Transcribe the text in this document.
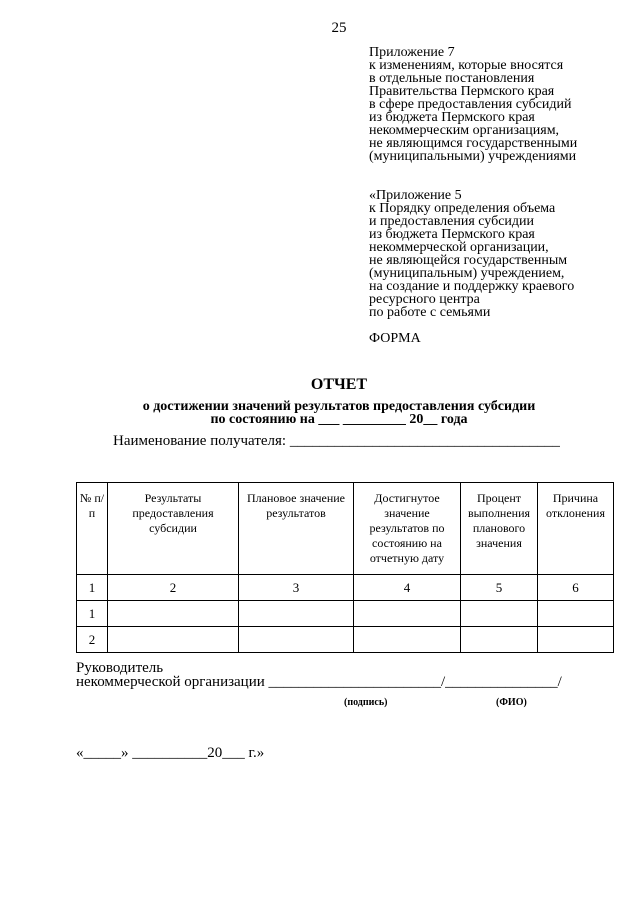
25
Приложение 7
к изменениям, которые вносятся
в отдельные постановления
Правительства Пермского края
в сфере предоставления субсидий
из бюджета Пермского края
некоммерческим организациям,
не являющимся государственными
(муниципальными) учреждениями
«Приложение 5
к Порядку определения объема
и предоставления субсидии
из бюджета Пермского края
некоммерческой организации,
не являющейся государственным
(муниципальным) учреждением,
на создание и поддержку краевого
ресурсного центра
по работе с семьями
ФОРМА
ОТЧЕТ
о достижении значений результатов предоставления субсидии
по состоянию на ___ _________ 20__ года
Наименование получателя: ____________________________________
№ п/п	Результаты предоставления субсидии	Плановое значение результатов	Достигнутое значение результатов по состоянию на отчетную дату	Процент выполнения планового значения	Причина отклонения
1	2	3	4	5	6
1					
2					
Руководитель
некоммерческой организации _______________________/_______________/
(подпись)	(ФИО)
«_____» __________20___ г.»
